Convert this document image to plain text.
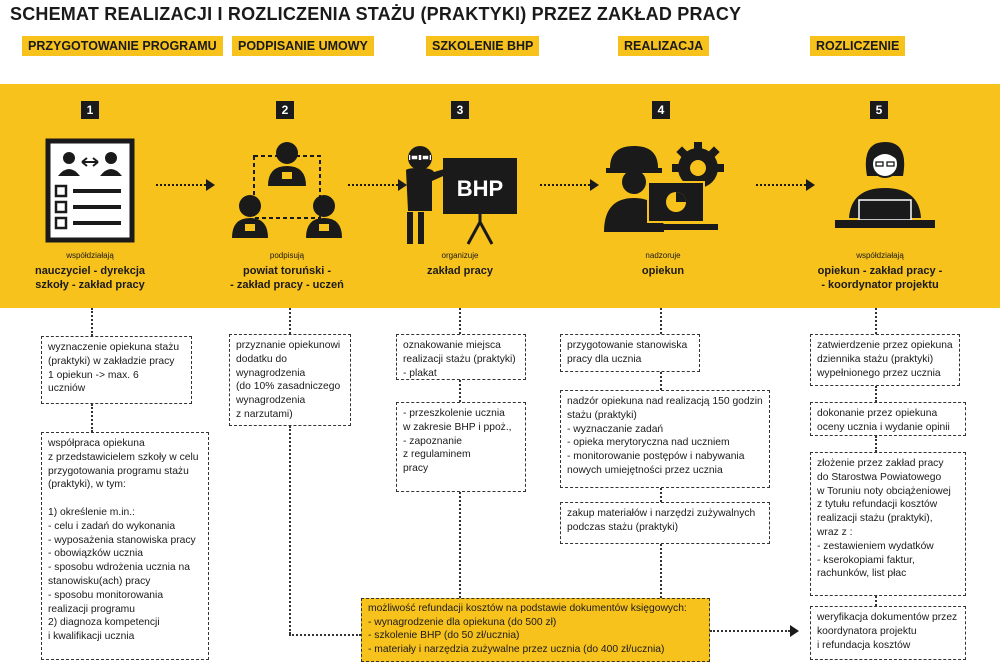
SCHEMAT REALIZACJI I ROZLICZENIA STAŻU (PRAKTYKI) PRZEZ ZAKŁAD PRACY
PRZYGOTOWANIE PROGRAMU	PODPISANIE UMOWY	SZKOLENIE BHP	REALIZACJA	ROZLICZENIE
1	2	3	4	5
BHP
współdziałają
nauczyciel - dyrekcja
szkoły - zakład pracy
podpisują
powiat toruński -
- zakład pracy - uczeń
organizuje
zakład pracy
nadzoruje
opiekun
współdziałają
opiekun - zakład pracy -
- koordynator projektu
wyznaczenie opiekuna stażu
(praktyki) w zakładzie pracy
1 opiekun -> max. 6
uczniów
współpraca opiekuna
z przedstawicielem szkoły w celu
przygotowania programu stażu
(praktyki), w tym:

1) określenie m.in.:
- celu i zadań do wykonania
- wyposażenia stanowiska pracy
- obowiązków ucznia
- sposobu wdrożenia ucznia na
stanowisku(ach) pracy
- sposobu monitorowania
realizacji programu
2) diagnoza kompetencji
i kwalifikacji ucznia
przyznanie opiekunowi
dodatku do
wynagrodzenia
(do 10% zasadniczego
wynagrodzenia
z narzutami)
oznakowanie miejsca
realizacji stażu (praktyki)
- plakat
- przeszkolenie ucznia
w zakresie BHP i ppoż.,
- zapoznanie
z regulaminem
pracy
przygotowanie stanowiska
pracy dla ucznia
nadzór opiekuna nad realizacją 150 godzin
stażu (praktyki)
- wyznaczanie zadań
- opieka merytoryczna nad uczniem
- monitorowanie postępów i nabywania
nowych umiejętności przez ucznia
zakup materiałów i narzędzi zużywalnych
podczas stażu (praktyki)
zatwierdzenie przez opiekuna
dziennika stażu (praktyki)
wypełnionego przez ucznia
dokonanie przez opiekuna
oceny ucznia i wydanie opinii
złożenie przez zakład pracy
do Starostwa Powiatowego
w Toruniu noty obciążeniowej
z tytułu refundacji kosztów
realizacji stażu (praktyki),
wraz z :
- zestawieniem wydatków
- kserokopiami faktur,
rachunków, list płac
weryfikacja dokumentów przez
koordynatora projektu
i refundacja kosztów
możliwość refundacji kosztów na podstawie dokumentów księgowych:
- wynagrodzenie dla opiekuna (do 500 zł)
- szkolenie BHP (do 50 zł/ucznia)
- materiały i narzędzia zużywalne przez ucznia (do 400 zł/ucznia)
